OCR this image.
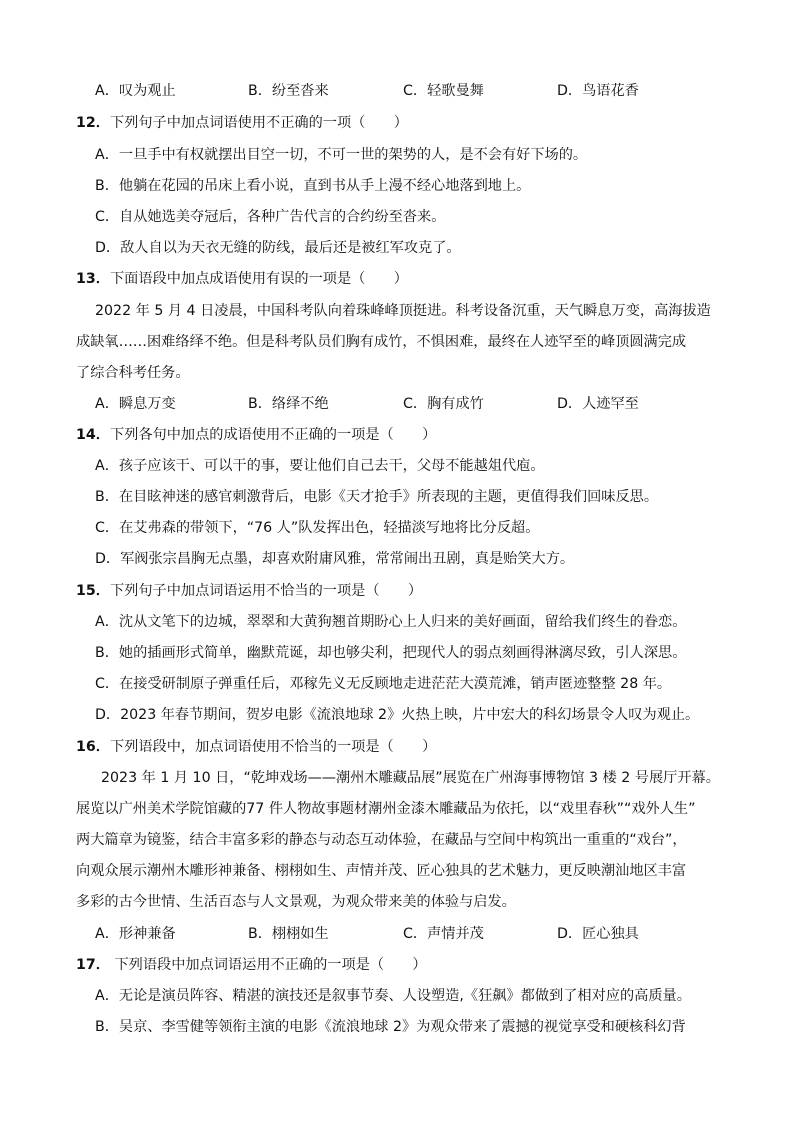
A．叹为观止	B．纷至沓来	C．轻歌曼舞	D．鸟语花香
12．下列句子中加点词语使用不正确的一项（　　）
A．一旦手中有权就摆出目空一切，不可一世的架势的人，是不会有好下场的。
B．他躺在花园的吊床上看小说，直到书从手上漫不经心地落到地上。
C．自从她选美夺冠后，各种广告代言的合约纷至沓来。
D．敌人自以为天衣无缝的防线，最后还是被红军攻克了。
13．下面语段中加点成语使用有误的一项是（　　）
2022 年 5 月 4 日凌晨，中国科考队向着珠峰峰顶挺进。科考设备沉重，天气瞬息万变，高海拔造
成缺氧……困难络绎不绝。但是科考队员们胸有成竹，不惧困难，最终在人迹罕至的峰顶圆满完成
了综合科考任务。
A．瞬息万变	B．络绎不绝	C．胸有成竹	D．人迹罕至
14．下列各句中加点的成语使用不正确的一项是（　　）
A．孩子应该干、可以干的事，要让他们自己去干，父母不能越俎代庖。
B．在目眩神迷的感官刺激背后，电影《天才抢手》所表现的主题，更值得我们回味反思。
C．在艾弗森的带领下，“76 人”队发挥出色，轻描淡写地将比分反超。
D．军阀张宗昌胸无点墨，却喜欢附庸风雅，常常闹出丑剧，真是贻笑大方。
15．下列句子中加点词语运用不恰当的一项是（　　）
A．沈从文笔下的边城，翠翠和大黄狗翘首期盼心上人归来的美好画面，留给我们终生的眷恋。
B．她的插画形式简单，幽默荒诞，却也够尖利，把现代人的弱点刻画得淋漓尽致，引人深思。
C．在接受研制原子弹重任后，邓稼先义无反顾地走进茫茫大漠荒滩，销声匿迹整整 28 年。
D．2023 年春节期间，贺岁电影《流浪地球 2》火热上映，片中宏大的科幻场景令人叹为观止。
16．下列语段中，加点词语使用不恰当的一项是（　　）
2023 年 1 月 10 日，“乾坤戏场——潮州木雕藏品展”展览在广州海事博物馆 3 楼 2 号展厅开幕。
展览以广州美术学院馆藏的77 件人物故事题材潮州金漆木雕藏品为依托，以“戏里春秋”“戏外人生”
两大篇章为镜鉴，结合丰富多彩的静态与动态互动体验，在藏品与空间中构筑出一重重的“戏台”，
向观众展示潮州木雕形神兼备、栩栩如生、声情并茂、匠心独具的艺术魅力，更反映潮汕地区丰富
多彩的古今世情、生活百态与人文景观，为观众带来美的体验与启发。
A．形神兼备	B．栩栩如生	C．声情并茂	D．匠心独具
17． 下列语段中加点词语运用不正确的一项是（　　）
A．无论是演员阵容、精湛的演技还是叙事节奏、人设塑造,《狂飙》都做到了相对应的高质量。
B．吴京、李雪健等领衔主演的电影《流浪地球 2》为观众带来了震撼的视觉享受和硬核科幻背
